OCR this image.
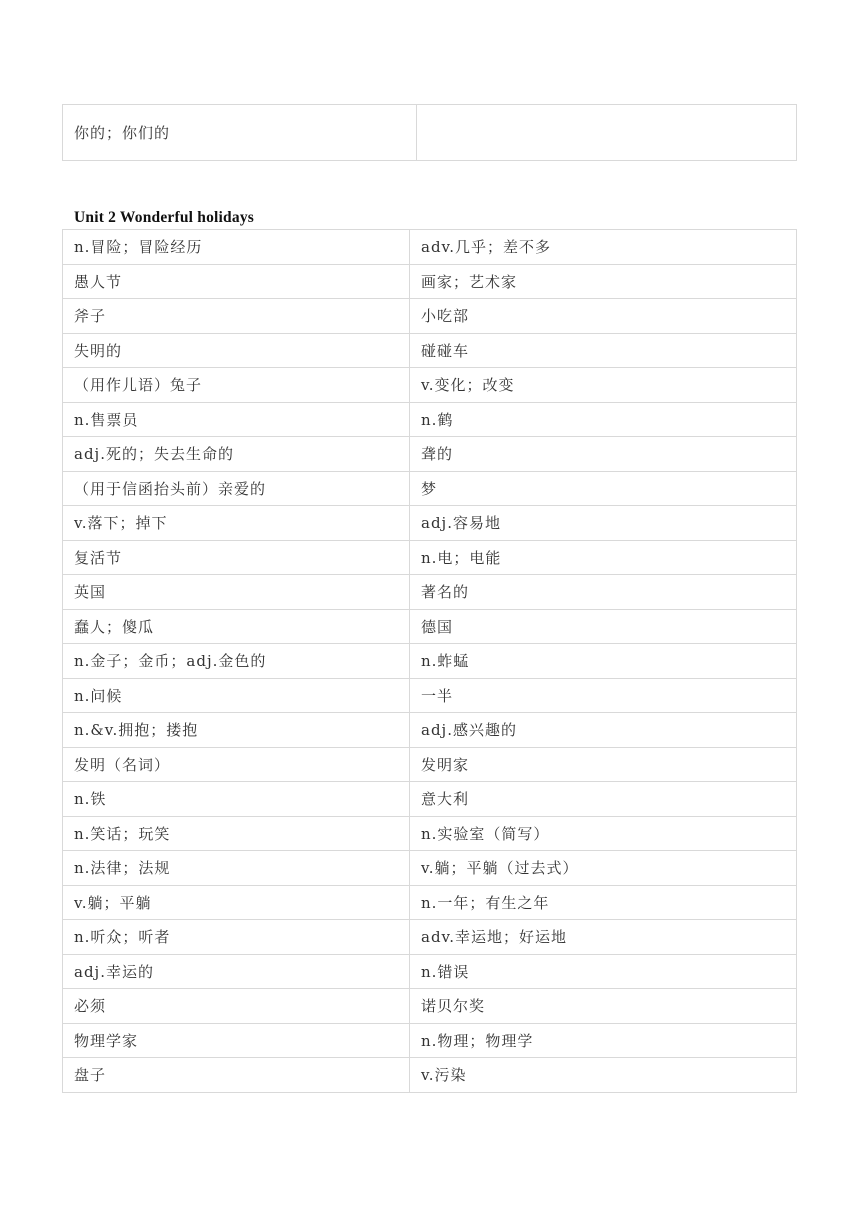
你的；你们的	
Unit 2 Wonderful holidays
n.冒险；冒险经历	adv.几乎；差不多
愚人节	画家；艺术家
斧子	小吃部
失明的	碰碰车
（用作儿语）兔子	v.变化；改变
n.售票员	n.鹤
adj.死的；失去生命的	聋的
（用于信函抬头前）亲爱的	梦
v.落下；掉下	adj.容易地
复活节	n.电；电能
英国	著名的
蠢人；傻瓜	德国
n.金子；金币；adj.金色的	n.蚱蜢
n.问候	一半
n.&v.拥抱；搂抱	adj.感兴趣的
发明（名词）	发明家
n.铁	意大利
n.笑话；玩笑	n.实验室（简写）
n.法律；法规	v.躺；平躺（过去式）
v.躺；平躺	n.一年；有生之年
n.听众；听者	adv.幸运地；好运地
adj.幸运的	n.错误
必须	诺贝尔奖
物理学家	n.物理；物理学
盘子	v.污染
